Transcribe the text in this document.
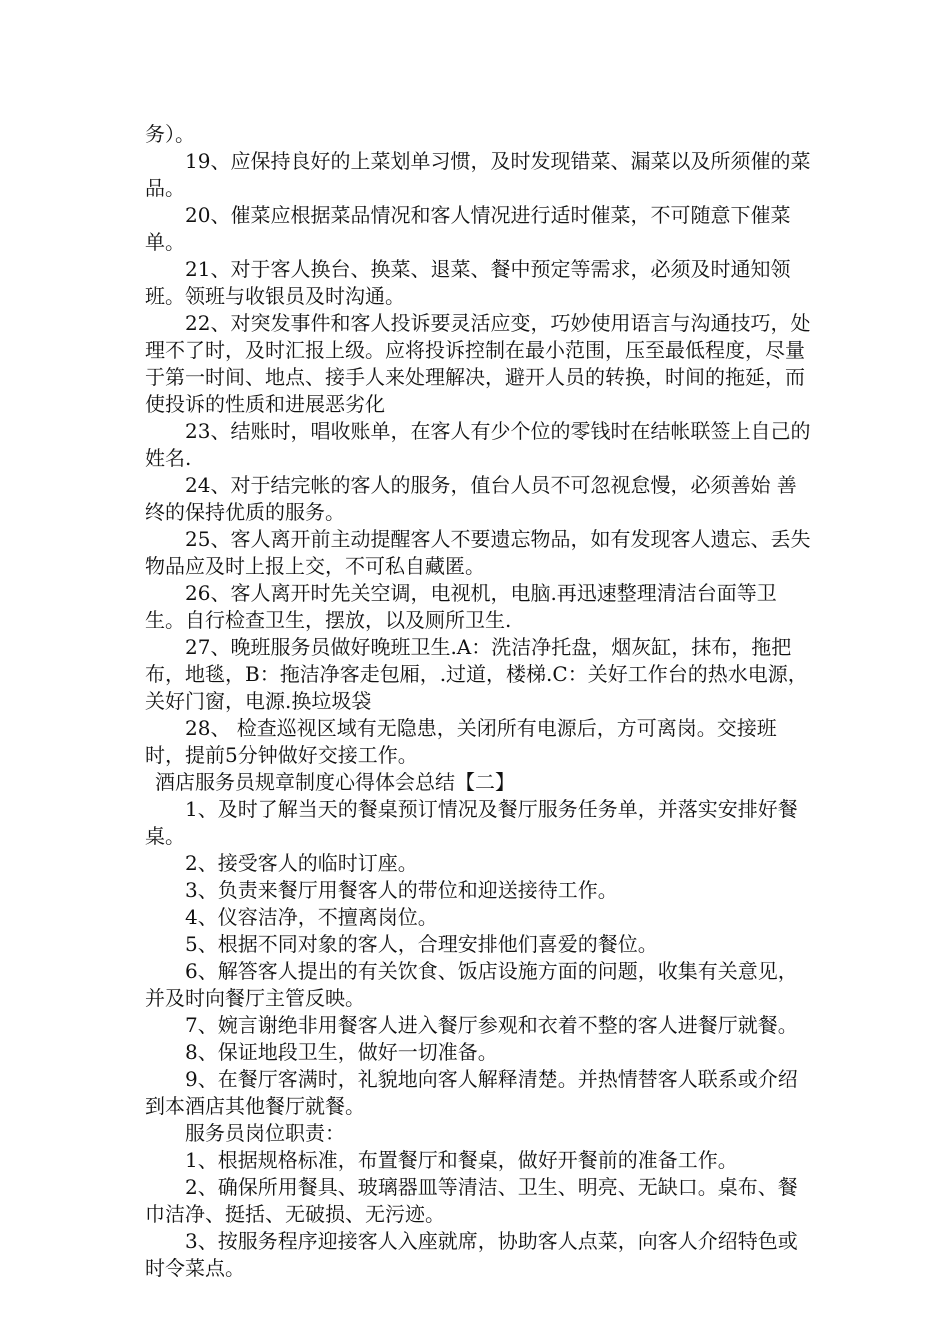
务）。

19、应保持良好的上菜划单习惯，及时发现错菜、漏菜以及所须催的菜品。

20、催菜应根据菜品情况和客人情况进行适时催菜，不可随意下催菜单。

21、对于客人换台、换菜、退菜、餐中预定等需求，必须及时通知领班。领班与收银员及时沟通。

22、对突发事件和客人投诉要灵活应变，巧妙使用语言与沟通技巧，处理不了时，及时汇报上级。应将投诉控制在最小范围，压至最低程度，尽量于第一时间、地点、接手人来处理解决，避开人员的转换，时间的拖延，而使投诉的性质和进展恶劣化

23、结账时，唱收账单，在客人有少个位的零钱时在结帐联签上自己的姓名.

24、对于结完帐的客人的服务，值台人员不可忽视怠慢，必须善始 善终的保持优质的服务。

25、客人离开前主动提醒客人不要遗忘物品，如有发现客人遗忘、丢失物品应及时上报上交，不可私自藏匿。

26、客人离开时先关空调，电视机，电脑.再迅速整理清洁台面等卫生。自行检查卫生，摆放，以及厕所卫生.

27、晚班服务员做好晚班卫生.A：洗洁净托盘，烟灰缸，抹布，拖把布，地毯，B：拖洁净客走包厢，.过道，楼梯.C：关好工作台的热水电源，关好门窗，电源.换垃圾袋

28、 检查巡视区域有无隐患，关闭所有电源后，方可离岗。交接班时，提前5分钟做好交接工作。

酒店服务员规章制度心得体会总结【二】

1、及时了解当天的餐桌预订情况及餐厅服务任务单，并落实安排好餐桌。

2、接受客人的临时订座。

3、负责来餐厅用餐客人的带位和迎送接待工作。

4、仪容洁净，不擅离岗位。

5、根据不同对象的客人，合理安排他们喜爱的餐位。

6、解答客人提出的有关饮食、饭店设施方面的问题，收集有关意见，并及时向餐厅主管反映。

7、婉言谢绝非用餐客人进入餐厅参观和衣着不整的客人进餐厅就餐。

8、保证地段卫生，做好一切准备。

9、在餐厅客满时，礼貌地向客人解释清楚。并热情替客人联系或介绍到本酒店其他餐厅就餐。

服务员岗位职责：

1、根据规格标准，布置餐厅和餐桌，做好开餐前的准备工作。

2、确保所用餐具、玻璃器皿等清洁、卫生、明亮、无缺口。桌布、餐巾洁净、挺括、无破损、无污迹。

3、按服务程序迎接客人入座就席，协助客人点菜，向客人介绍特色或时令菜点。
